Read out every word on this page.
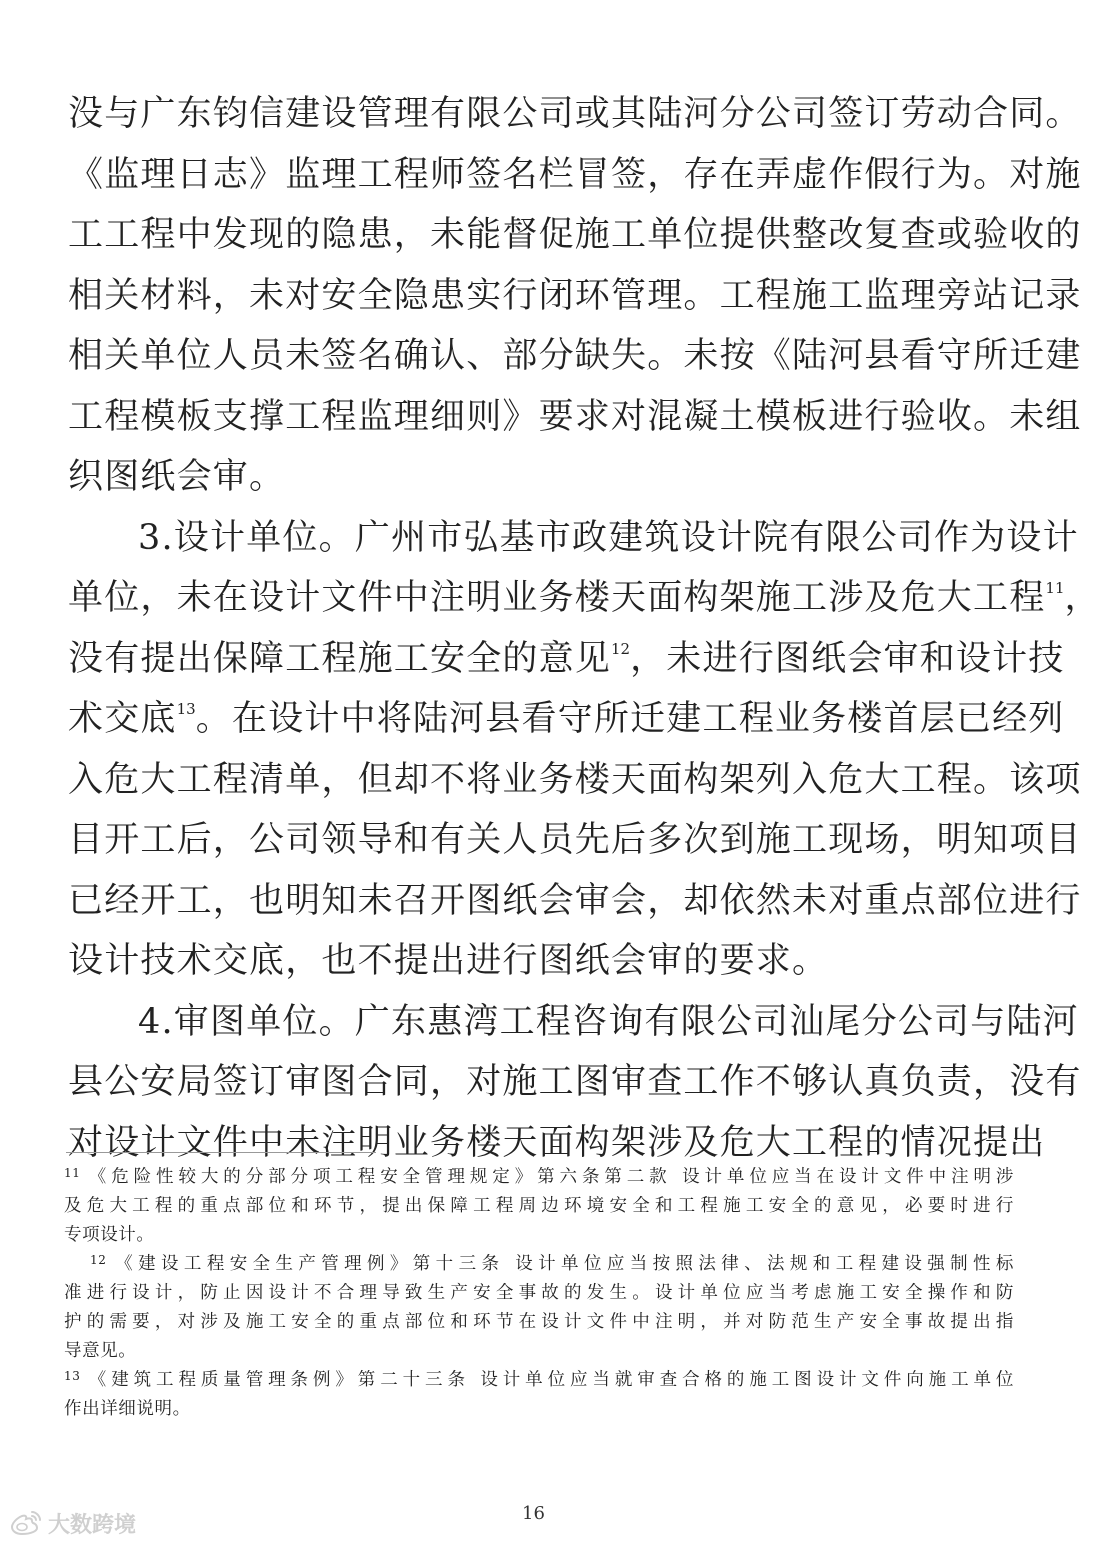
没与广东钧信建设管理有限公司或其陆河分公司签订劳动合同。
《监理日志》监理工程师签名栏冒签，存在弄虚作假行为。对施
工工程中发现的隐患，未能督促施工单位提供整改复查或验收的
相关材料，未对安全隐患实行闭环管理。工程施工监理旁站记录
相关单位人员未签名确认、部分缺失。未按《陆河县看守所迁建
工程模板支撑工程监理细则》要求对混凝土模板进行验收。未组
织图纸会审。
3.设计单位。广州市弘基市政建筑设计院有限公司作为设计
单位，未在设计文件中注明业务楼天面构架施工涉及危大工程$^{11}$，
没有提出保障工程施工安全的意见$^{12}$，未进行图纸会审和设计技
术交底$^{13}$。在设计中将陆河县看守所迁建工程业务楼首层已经列
入危大工程清单，但却不将业务楼天面构架列入危大工程。该项
目开工后，公司领导和有关人员先后多次到施工现场，明知项目
已经开工，也明知未召开图纸会审会，却依然未对重点部位进行
设计技术交底，也不提出进行图纸会审的要求。
4.审图单位。广东惠湾工程咨询有限公司汕尾分公司与陆河
县公安局签订审图合同，对施工图审查工作不够认真负责，没有
对设计文件中未注明业务楼天面构架涉及危大工程的情况提出
$^{11}$ 《危险性较大的分部分项工程安全管理规定》第六条第二款 设计单位应当在设计文件中注明涉
及危大工程的重点部位和环节，提出保障工程周边环境安全和工程施工安全的意见，必要时进行
专项设计。
$^{12}$ 《建设工程安全生产管理例》第十三条 设计单位应当按照法律、法规和工程建设强制性标
准进行设计，防止因设计不合理导致生产安全事故的发生。设计单位应当考虑施工安全操作和防
护的需要，对涉及施工安全的重点部位和环节在设计文件中注明，并对防范生产安全事故提出指
导意见。
$^{13}$ 《建筑工程质量管理条例》第二十三条 设计单位应当就审查合格的施工图设计文件向施工单位
作出详细说明。
16
大数跨境
